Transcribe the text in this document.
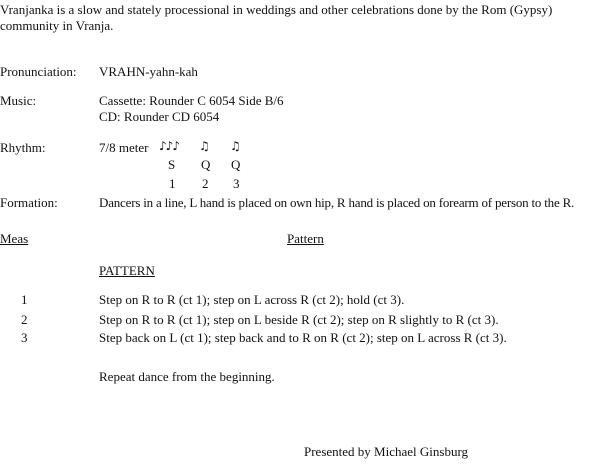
Vranjanka is a slow and stately processional in weddings and other celebrations done by the Rom (Gypsy)
community in Vranja.
Pronunciation: VRAHN-yahn-kah
Music:	Cassette: Rounder C 6054 Side B/6
CD: Rounder CD 6054
Rhythm:	7/8 meter ♪♪♪ ♫ ♫
S Q Q
1 2 3
Formation:	Dancers in a line, L hand is placed on own hip, R hand is placed on forearm of person to the R.
Meas	Pattern
PATTERN
1	Step on R to R (ct 1); step on L across R (ct 2); hold (ct 3).
2	Step on R to R (ct 1); step on L beside R (ct 2); step on R slightly to R (ct 3).
3	Step back on L (ct 1); step back and to R on R (ct 2); step on L across R (ct 3).
Repeat dance from the beginning.
Presented by Michael Ginsburg
